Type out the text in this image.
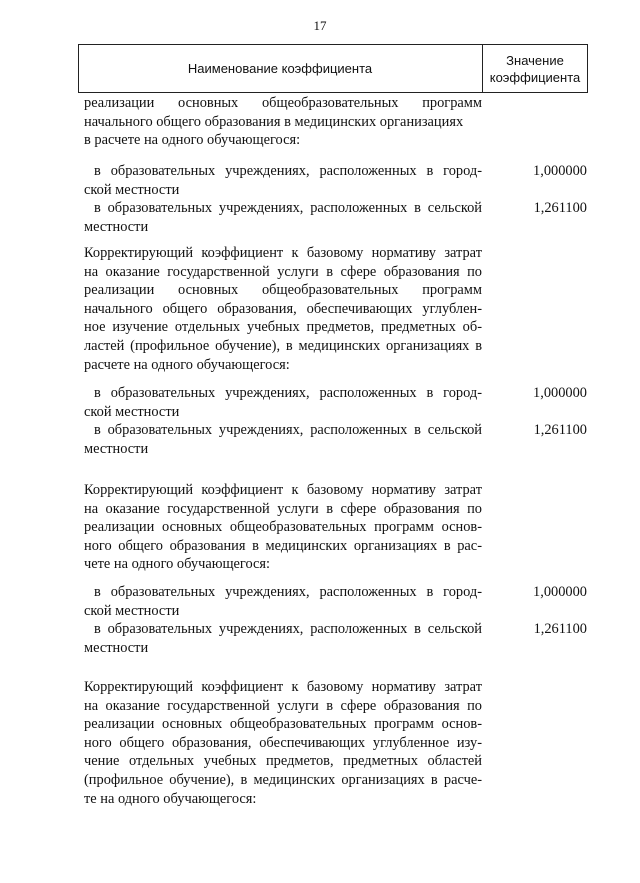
17
Наименование коэффициента
Значение
коэффициента
реализации основных общеобразовательных программ
начального общего образования в медицинских организациях
в расчете на одного обучающегося:
в образовательных учреждениях, расположенных в город-
ской местности
1,000000
в образовательных учреждениях, расположенных в сельской
местности
1,261100
Корректирующий коэффициент к базовому нормативу затрат
на оказание государственной услуги в сфере образования по
реализации основных общеобразовательных программ
начального общего образования, обеспечивающих углублен-
ное изучение отдельных учебных предметов, предметных об-
ластей (профильное обучение), в медицинских организациях в
расчете на одного обучающегося:
в образовательных учреждениях, расположенных в город-
ской местности
1,000000
в образовательных учреждениях, расположенных в сельской
местности
1,261100
Корректирующий коэффициент к базовому нормативу затрат
на оказание государственной услуги в сфере образования по
реализации основных общеобразовательных программ основ-
ного общего образования в медицинских организациях в рас-
чете на одного обучающегося:
в образовательных учреждениях, расположенных в город-
ской местности
1,000000
в образовательных учреждениях, расположенных в сельской
местности
1,261100
Корректирующий коэффициент к базовому нормативу затрат
на оказание государственной услуги в сфере образования по
реализации основных общеобразовательных программ основ-
ного общего образования, обеспечивающих углубленное изу-
чение отдельных учебных предметов, предметных областей
(профильное обучение), в медицинских организациях в расче-
те на одного обучающегося:
